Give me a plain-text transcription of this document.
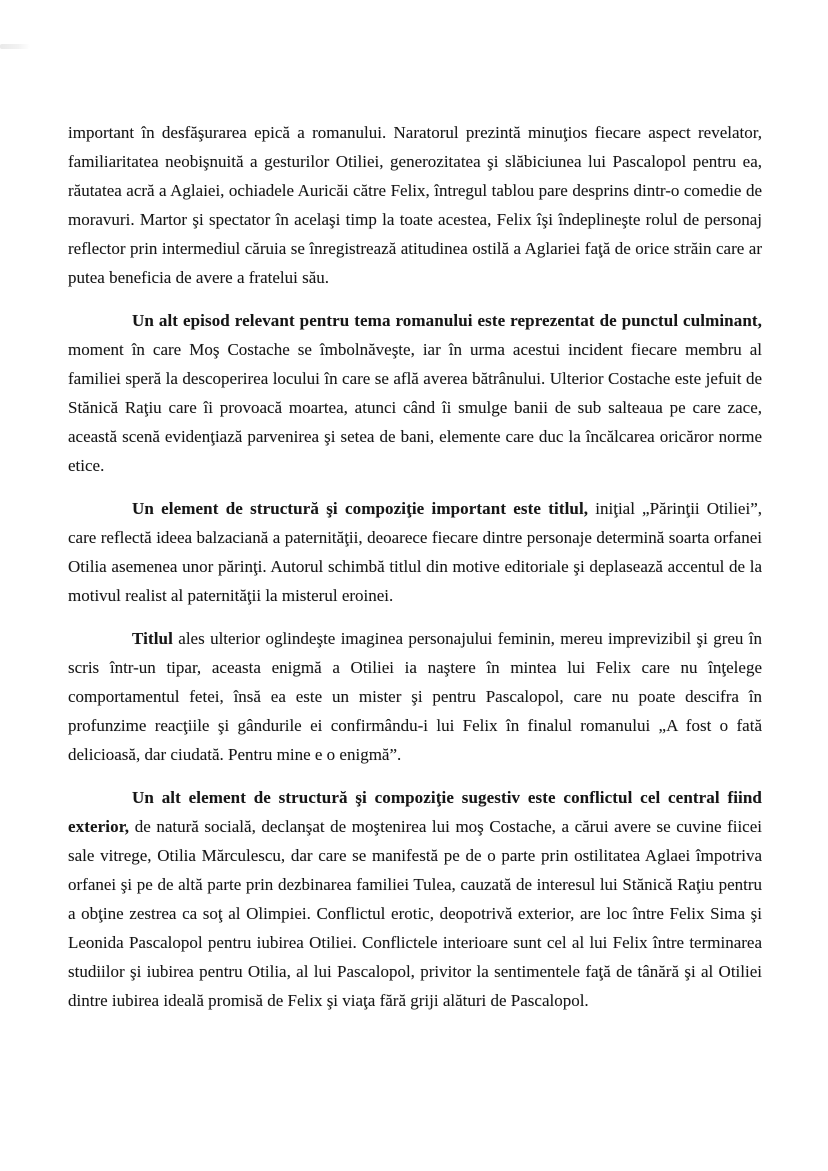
important în desfăşurarea epică a romanului. Naratorul prezintă minuţios fiecare aspect revelator, familiaritatea neobişnuită a gesturilor Otiliei, generozitatea şi slăbiciunea lui Pascalopol pentru ea, răutatea acră a Aglaiei, ochiadele Auricăi către Felix, întregul tablou pare desprins dintr-o comedie de moravuri. Martor şi spectator în acelaşi timp la toate acestea, Felix îşi îndeplineşte rolul de personaj reflector prin intermediul căruia se înregistrează atitudinea ostilă a Aglariei faţă de orice străin care ar putea beneficia de avere a fratelui său.

Un alt episod relevant pentru tema romanului este reprezentat de punctul culminant, moment în care Moş Costache se îmbolnăveşte, iar în urma acestui incident fiecare membru al familiei speră la descoperirea locului în care se află averea bătrânului. Ulterior Costache este jefuit de Stănică Raţiu care îi provoacă moartea, atunci când îi smulge banii de sub salteaua pe care zace, această scenă evidenţiază parvenirea şi setea de bani, elemente care duc la încălcarea oricăror norme etice.

Un element de structură şi compoziţie important este titlul, iniţial „Părinţii Otiliei”, care reflectă ideea balzaciană a paternităţii, deoarece fiecare dintre personaje determină soarta orfanei Otilia asemenea unor părinţi. Autorul schimbă titlul din motive editoriale şi deplasează accentul de la motivul realist al paternităţii la misterul eroinei.

Titlul ales ulterior oglindeşte imaginea personajului feminin, mereu imprevizibil şi greu în scris într-un tipar, aceasta enigmă a Otiliei ia naştere în mintea lui Felix care nu înţelege comportamentul fetei, însă ea este un mister şi pentru Pascalopol, care nu poate descifra în profunzime reacţiile şi gândurile ei confirmându-i lui Felix în finalul romanului „A fost o fată delicioasă, dar ciudată. Pentru mine e o enigmă”.

Un alt element de structură şi compoziţie sugestiv este conflictul cel central fiind exterior, de natură socială, declanşat de moştenirea lui moş Costache, a cărui avere se cuvine fiicei sale vitrege, Otilia Mărculescu, dar care se manifestă pe de o parte prin ostilitatea Aglaei împotriva orfanei şi pe de altă parte prin dezbinarea familiei Tulea, cauzată de interesul lui Stănică Raţiu pentru a obţine zestrea ca soţ al Olimpiei. Conflictul erotic, deopotrivă exterior, are loc între Felix Sima şi Leonida Pascalopol pentru iubirea Otiliei. Conflictele interioare sunt cel al lui Felix între terminarea studiilor şi iubirea pentru Otilia, al lui Pascalopol, privitor la sentimentele faţă de tânără şi al Otiliei dintre iubirea ideală promisă de Felix şi viaţa fără griji alături de Pascalopol.
